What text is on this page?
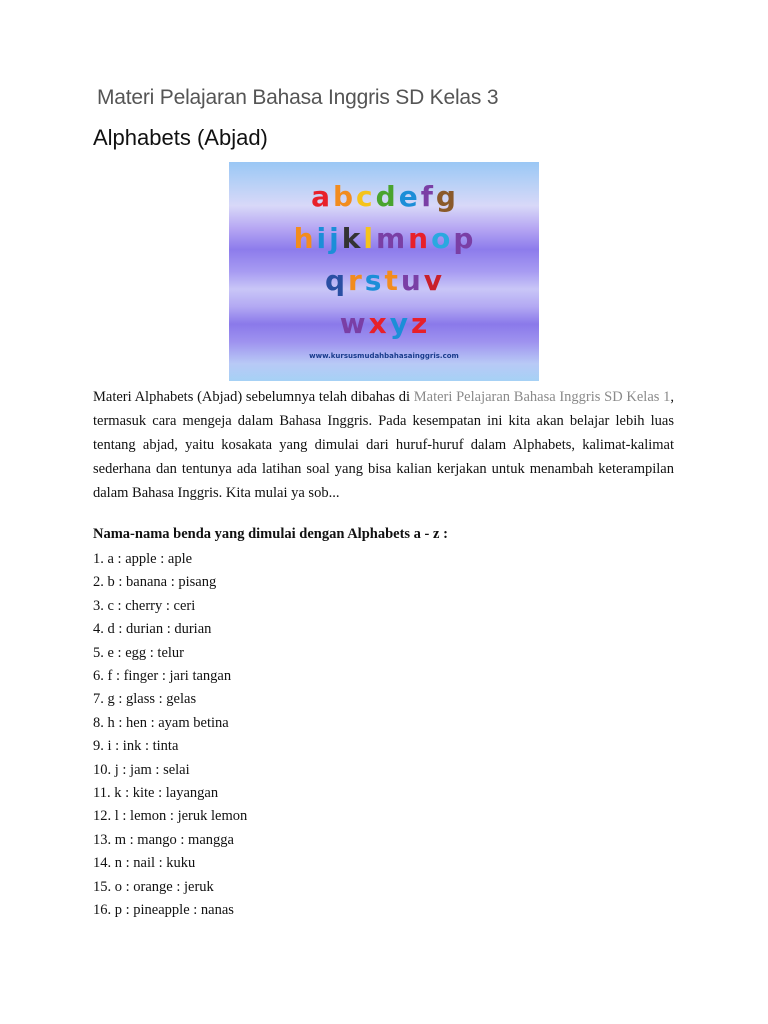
Materi Pelajaran Bahasa Inggris SD Kelas 3
Alphabets (Abjad)
abcdefg
hijklmnop
qrstuv
wxyz
www.kursusmudahbahasainggris.com

Materi Alphabets (Abjad) sebelumnya telah dibahas di Materi Pelajaran Bahasa Inggris SD Kelas 1, termasuk cara mengeja dalam Bahasa Inggris. Pada kesempatan ini kita akan belajar lebih luas tentang abjad, yaitu kosakata yang dimulai dari huruf-huruf dalam Alphabets, kalimat-kalimat sederhana dan tentunya ada latihan soal yang bisa kalian kerjakan untuk menambah keterampilan dalam Bahasa Inggris. Kita mulai ya sob...

Nama-nama benda yang dimulai dengan Alphabets a - z :

1. a : apple : aple
2. b : banana : pisang
3. c : cherry : ceri
4. d : durian : durian
5. e : egg : telur
6. f : finger : jari tangan
7. g : glass : gelas
8. h : hen : ayam betina
9. i : ink : tinta
10. j : jam : selai
11. k : kite : layangan
12. l : lemon : jeruk lemon
13. m : mango : mangga
14. n : nail : kuku
15. o : orange : jeruk
16. p : pineapple : nanas
